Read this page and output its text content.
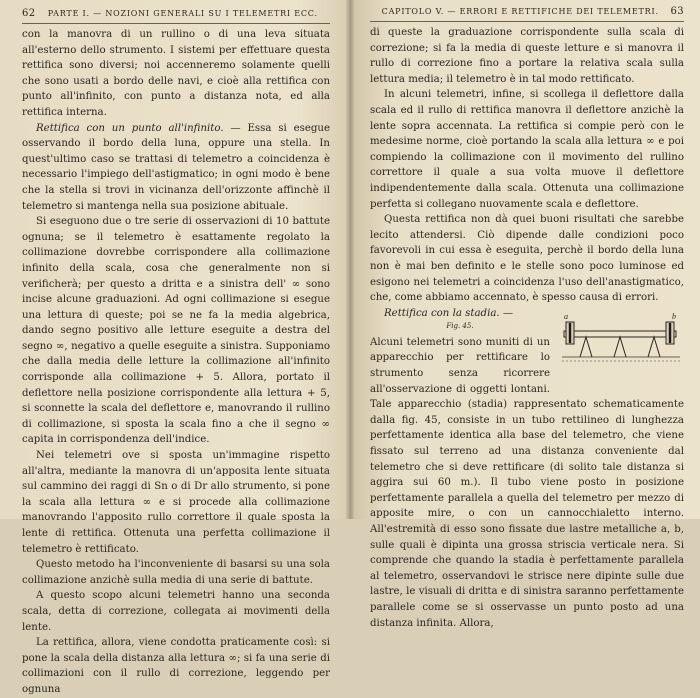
62	PARTE I. — NOZIONI GENERALI SU I TELEMETRI ECC.

con la manovra di un rullino o di una leva situata all'esterno dello strumento. I sistemi per effettuare questa rettifica sono diversi; noi accenneremo solamente quelli che sono usati a bordo delle navi, e cioè alla rettifica con punto all'infinito, con punto a distanza nota, ed alla rettifica interna.

Rettifica con un punto all'infinito. — Essa si esegue osservando il bordo della luna, oppure una stella. In quest'ultimo caso se trattasi di telemetro a coincidenza è necessario l'impiego dell'astigmatico; in ogni modo è bene che la stella si trovi in vicinanza dell'orizzonte affinchè il telemetro si mantenga nella sua posizione abituale.

Si eseguono due o tre serie di osservazioni di 10 battute ognuna; se il telemetro è esattamente regolato la collimazione dovrebbe corrispondere alla collimazione infinito della scala, cosa che generalmente non si verificherà; per questo a dritta e a sinistra dell' ∞ sono incise alcune graduazioni. Ad ogni collimazione si esegue una lettura di queste; poi se ne fa la media algebrica, dando segno positivo alle letture eseguite a destra del segno ∞, negativo a quelle eseguite a sinistra. Supponiamo che dalla media delle letture la collimazione all'infinito corrisponde alla collimazione + 5. Allora, portato il deflettore nella posizione corrispondente alla lettura + 5, si sconnette la scala del deflettore e, manovrando il rullino di collimazione, si sposta la scala fino a che il segno ∞ capita in corrispondenza dell'indice.

Nei telemetri ove si sposta un'immagine rispetto all'altra, mediante la manovra di un'apposita lente situata sul cammino dei raggi di Sn o di Dr allo strumento, si pone la scala alla lettura ∞ e si procede alla collimazione manovrando l'apposito rullo correttore il quale sposta la lente di rettifica. Ottenuta una perfetta collimazione il telemetro è rettificato.

Questo metodo ha l'inconveniente di basarsi su una sola collimazione anzichè sulla media di una serie di battute.

A questo scopo alcuni telemetri hanno una seconda scala, detta di correzione, collegata ai movimenti della lente.

La rettifica, allora, viene condotta praticamente così: si pone la scala della distanza alla lettura ∞; si fa una serie di collimazioni con il rullo di correzione, leggendo per ognuna

CAPITOLO V. — ERRORI E RETTIFICHE DEI TELEMETRI.	63

di queste la graduazione corrispondente sulla scala di correzione; si fa la media di queste letture e si manovra il rullo di correzione fino a portare la relativa scala sulla lettura media; il telemetro è in tal modo rettificato.

In alcuni telemetri, infine, si scollega il deflettore dalla scala ed il rullo di rettifica manovra il deflettore anzichè la lente sopra accennata. La rettifica si compie però con le medesime norme, cioè portando la scala alla lettura ∞ e poi compiendo la collimazione con il movimento del rullino correttore il quale a sua volta muove il deflettore indipendentemente dalla scala. Ottenuta una collimazione perfetta si collegano nuovamente scala e deflettore.

Questa rettifica non dà quei buoni risultati che sarebbe lecito attendersi. Ciò dipende dalle condizioni poco favorevoli in cui essa è eseguita, perchè il bordo della luna non è mai ben definito e le stelle sono poco luminose ed esigono nei telemetri a coincidenza l'uso dell'anastigmatico, che, come abbiamo accennato, è spesso causa di errori.

Rettifica con la stadia. —	a	b

Fig. 45.
Alcuni telemetri sono muniti di un apparecchio per rettificare lo strumento senza ricorrere all'osservazione di oggetti lontani. Tale apparecchio (stadia) rappresentato schematicamente dalla fig. 45, consiste in un tubo rettilineo di lunghezza perfettamente identica alla base del telemetro, che viene fissato sul terreno ad una distanza conveniente dal telemetro che si deve rettificare (di solito tale distanza si aggira sui 60 m.). Il tubo viene posto in posizione perfettamente parallela a quella del telemetro per mezzo di apposite mire, o con un cannocchialetto interno. All'estremità di esso sono fissate due lastre metalliche a, b, sulle quali è dipinta una grossa striscia verticale nera. Si comprende che quando la stadia è perfettamente parallela al telemetro, osservandovi le strisce nere dipinte sulle due lastre, le visuali di dritta e di sinistra saranno perfettamente parallele come se si osservasse un punto posto ad una distanza infinita. Allora,
